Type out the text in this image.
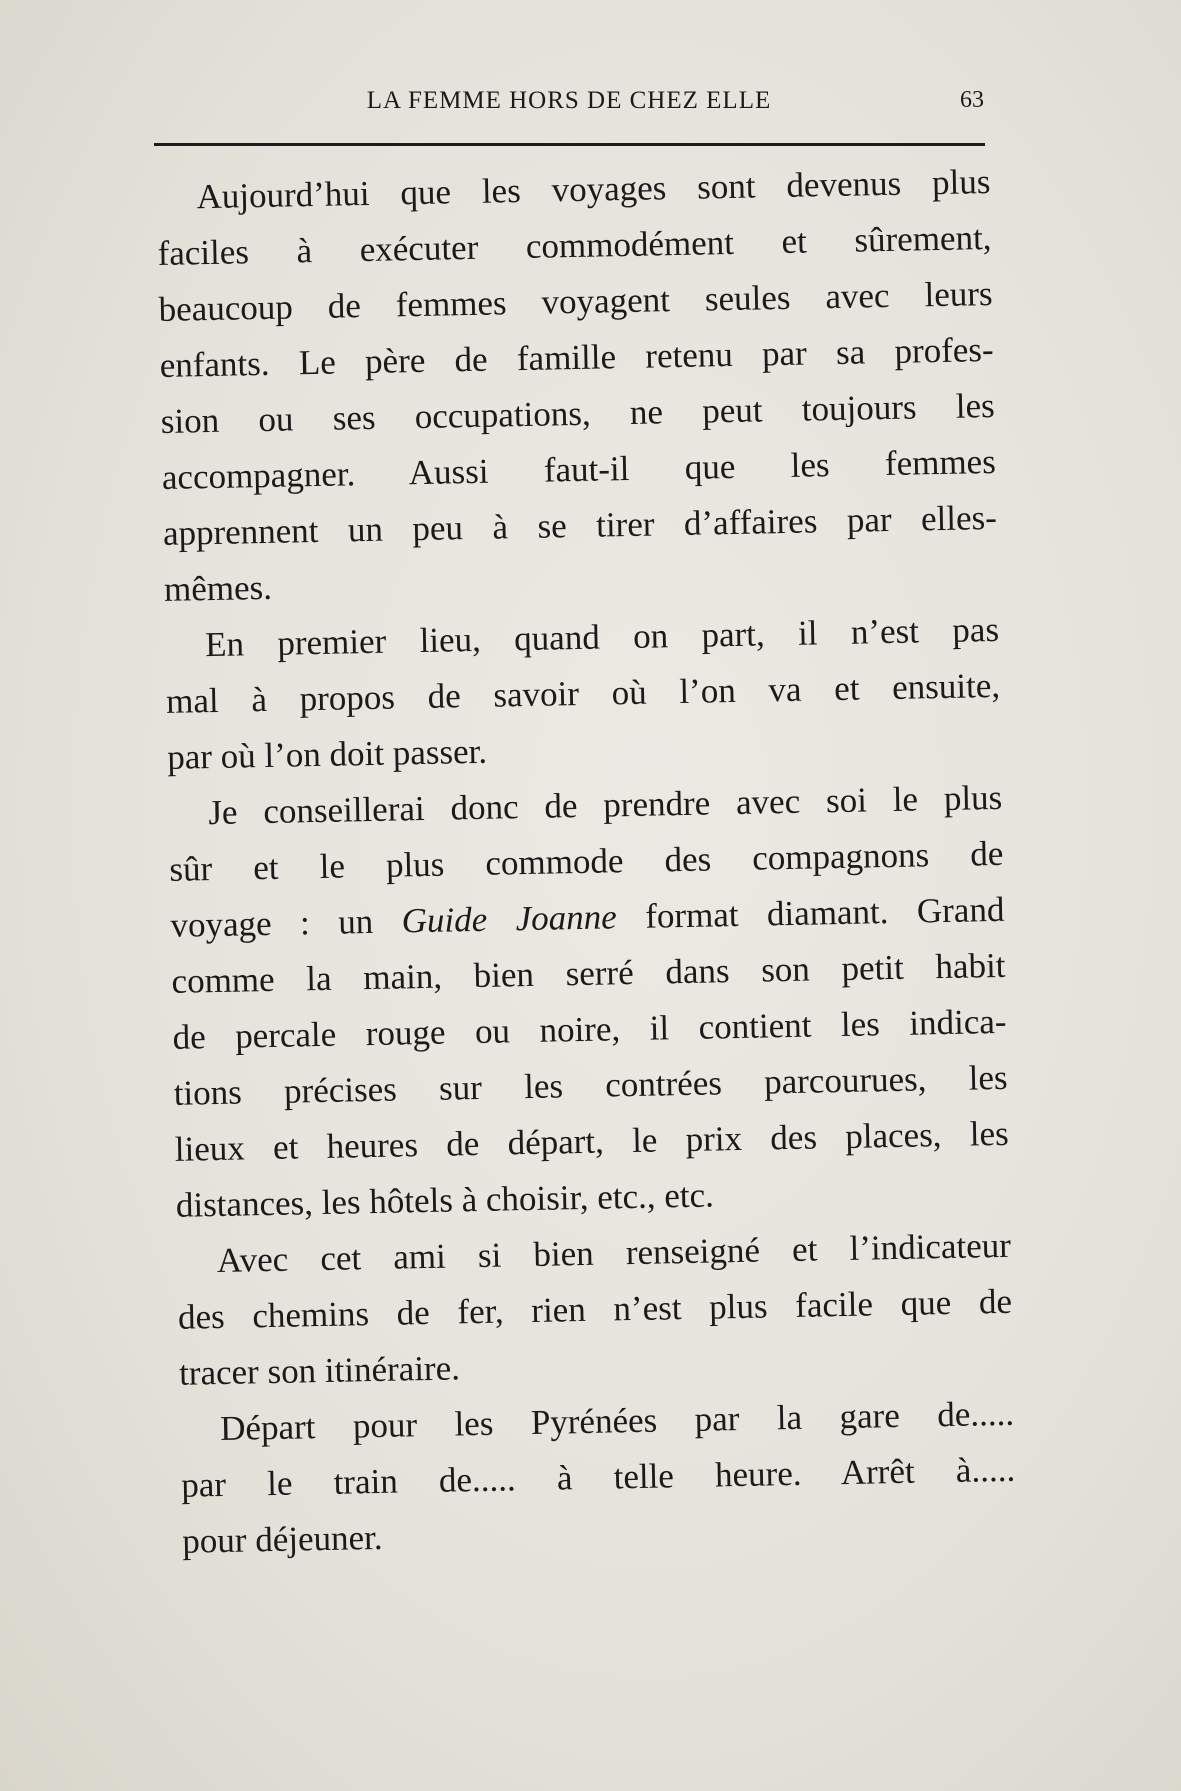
LA FEMME HORS DE CHEZ ELLE	63
Aujourd’hui que les voyages sont devenus plus
faciles à exécuter commodément et sûrement,
beaucoup de femmes voyagent seules avec leurs
enfants. Le père de famille retenu par sa profes-
sion ou ses occupations, ne peut toujours les
accompagner. Aussi faut-il que les femmes
apprennent un peu à se tirer d’affaires par elles-
mêmes.
En premier lieu, quand on part, il n’est pas
mal à propos de savoir où l’on va et ensuite,
par où l’on doit passer.
Je conseillerai donc de prendre avec soi le plus
sûr et le plus commode des compagnons de
voyage : un Guide Joanne format diamant. Grand
comme la main, bien serré dans son petit habit
de percale rouge ou noire, il contient les indica-
tions précises sur les contrées parcourues, les
lieux et heures de départ, le prix des places, les
distances, les hôtels à choisir, etc., etc.
Avec cet ami si bien renseigné et l’indicateur
des chemins de fer, rien n’est plus facile que de
tracer son itinéraire.
Départ pour les Pyrénées par la gare de.....
par le train de..... à telle heure. Arrêt à.....
pour déjeuner.
